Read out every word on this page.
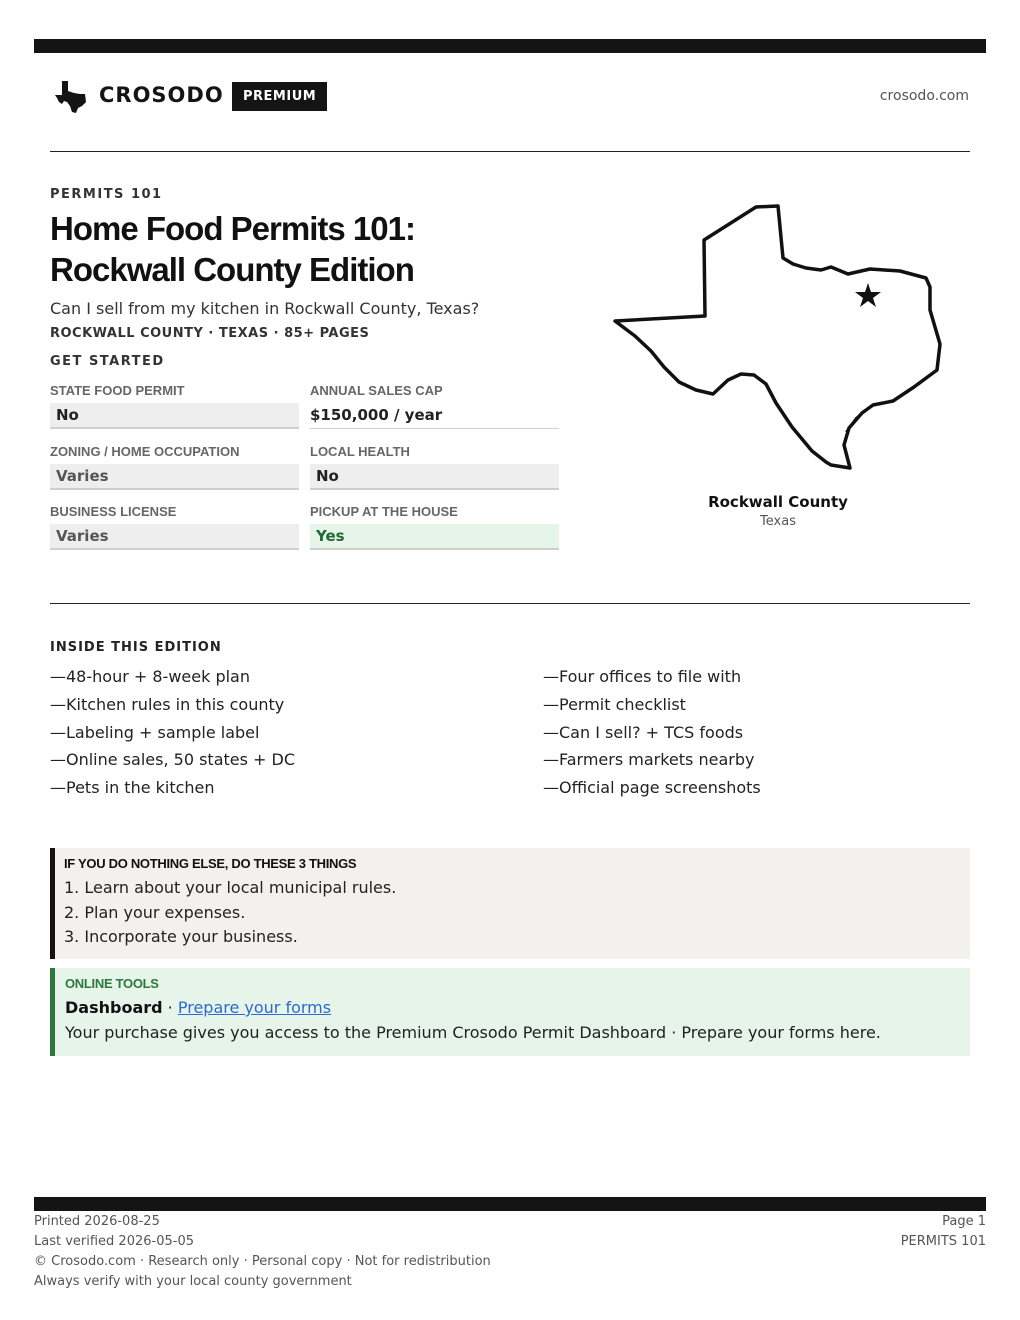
CROSODO	PREMIUM	crosodo.com
PERMITS 101
Home Food Permits 101:
Rockwall County Edition
Can I sell from my kitchen in Rockwall County, Texas?
ROCKWALL COUNTY · TEXAS · 85+ PAGES
GET STARTED
STATE FOOD PERMIT
No
ANNUAL SALES CAP
$150,000 / year
ZONING / HOME OCCUPATION
Varies
LOCAL HEALTH
No
BUSINESS LICENSE
Varies
PICKUP AT THE HOUSE
Yes
Rockwall County
Texas
INSIDE THIS EDITION
—48-hour + 8-week plan
—Kitchen rules in this county
—Labeling + sample label
—Online sales, 50 states + DC
—Pets in the kitchen
—Four offices to file with
—Permit checklist
—Can I sell? + TCS foods
—Farmers markets nearby
—Official page screenshots
IF YOU DO NOTHING ELSE, DO THESE 3 THINGS
1. Learn about your local municipal rules.
2. Plan your expenses.
3. Incorporate your business.
ONLINE TOOLS
Dashboard · Prepare your forms
Your purchase gives you access to the Premium Crosodo Permit Dashboard · Prepare your forms here.
Printed 2026-08-25
Last verified 2026-05-05
© Crosodo.com · Research only · Personal copy · Not for redistribution
Always verify with your local county government
Page 1
PERMITS 101
